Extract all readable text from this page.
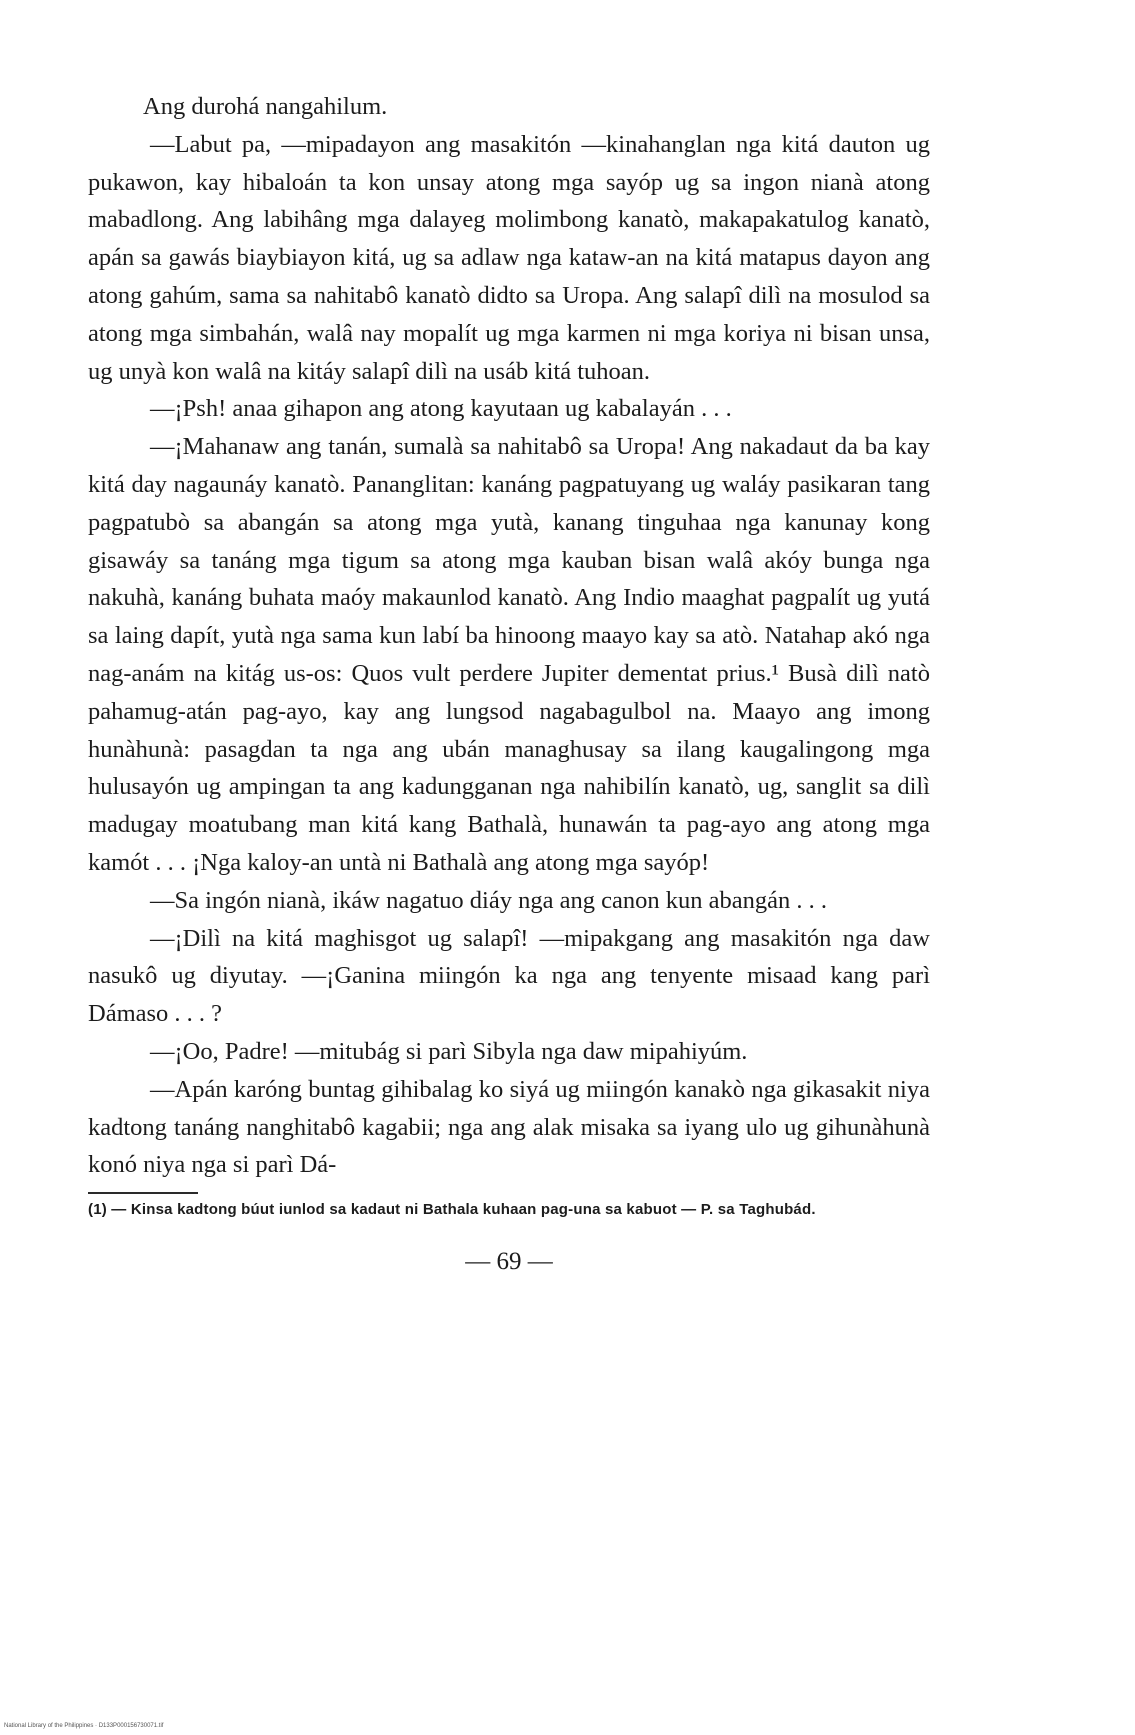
Ang durohá nangahilum.

—Labut pa, —mipadayon ang masakitón —kinahanglan nga kitá dauton ug pukawon, kay hibaloán ta kon unsay atong mga sayóp ug sa ingon nianà atong mabadlong. Ang labihâng mga dalayeg molimbong kanatò, makapakatulog kanatò, apán sa gawás biaybiayon kitá, ug sa adlaw nga kataw-an na kitá matapus dayon ang atong gahúm, sama sa nahitabô kanatò didto sa Uropa. Ang salapî dilì na mosulod sa atong mga simbahán, walâ nay mopalít ug mga karmen ni mga koriya ni bisan unsa, ug unyà kon walâ na kitáy salapî dilì na usáb kitá tuhoan.

—¡Psh! anaa gihapon ang atong kayutaan ug kabalayán . . .

—¡Mahanaw ang tanán, sumalà sa nahitabô sa Uropa! Ang nakadaut da ba kay kitá day nagaunáy kanatò. Pananglitan: kanáng pagpatuyang ug waláy pasikaran tang pagpatubò sa abangán sa atong mga yutà, kanang tinguhaa nga kanunay kong gisawáy sa tanáng mga tigum sa atong mga kauban bisan walâ akóy bunga nga nakuhà, kanáng buhata maóy makaunlod kanatò. Ang Indio maaghat pagpalít ug yutá sa laing dapít, yutà nga sama kun labí ba hinoong maayo kay sa atò. Natahap akó nga nag-anám na kitág us-os: Quos vult perdere Jupiter dementat prius.¹ Busà dilì natò pahamug-atán pag-ayo, kay ang lungsod nagabagulbol na. Maayo ang imong hunàhunà: pasagdan ta nga ang ubán managhusay sa ilang kaugalingong mga hulusayón ug ampingan ta ang kadungganan nga nahibilín kanatò, ug, sanglit sa dilì madugay moatubang man kitá kang Bathalà, hunawán ta pag-ayo ang atong mga kamót . . . ¡Nga kaloy-an untà ni Bathalà ang atong mga sayóp!

—Sa ingón nianà, ikáw nagatuo diáy nga ang canon kun abangán . . .

—¡Dilì na kitá maghisgot ug salapî! —mipakgang ang masakitón nga daw nasukô ug diyutay. —¡Ganina miingón ka nga ang tenyente misaad kang parì Dámaso . . . ?

—¡Oo, Padre! —mitubág si parì Sibyla nga daw mipahiyúm.

—Apán karóng buntag gihibalag ko siyá ug miingón kanakò nga gikasakit niya kadtong tanáng nanghitabô kagabii; nga ang alak misaka sa iyang ulo ug gihunàhunà konó niya nga si parì Dá-

(1) — Kinsa kadtong búut iunlod sa kadaut ni Bathala kuhaan pag-una sa kabuot — P. sa Taghubád.
— 69 —
National Library of the Philippines · D133P000156730071.tif
